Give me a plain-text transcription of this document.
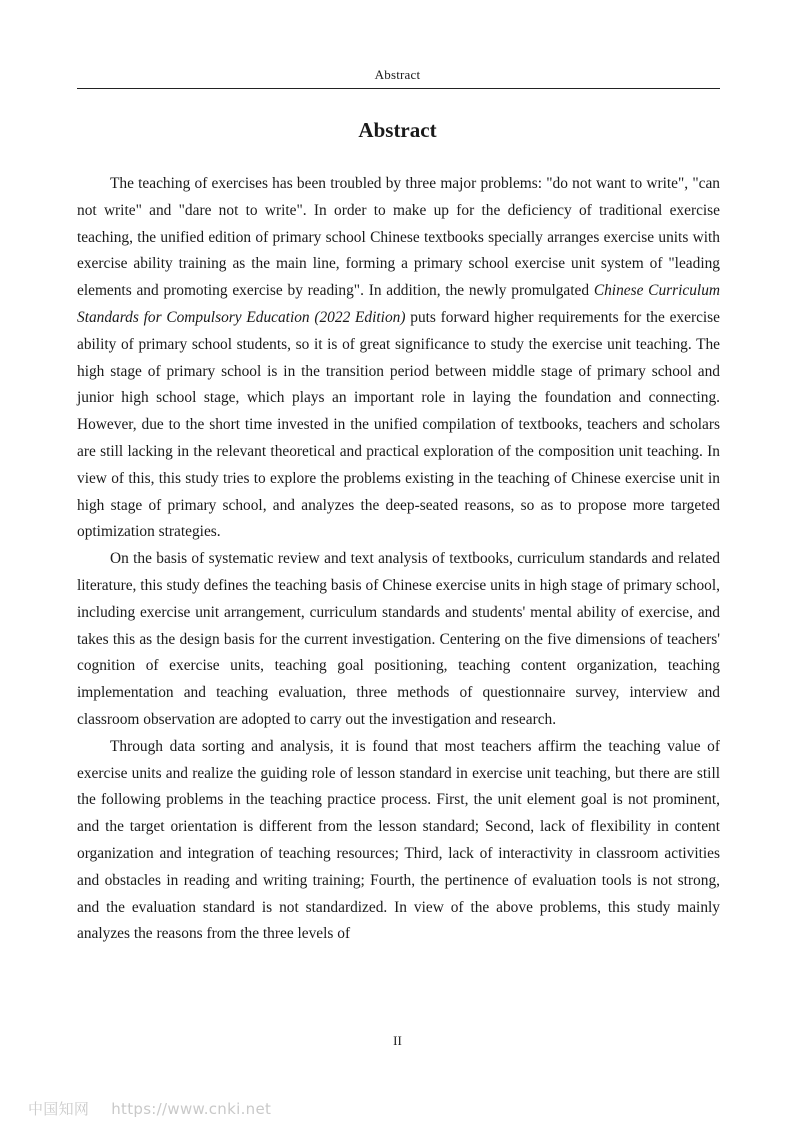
Abstract
Abstract

The teaching of exercises has been troubled by three major problems: "do not want to write", "can not write" and "dare not to write". In order to make up for the deficiency of traditional exercise teaching, the unified edition of primary school Chinese textbooks specially arranges exercise units with exercise ability training as the main line, forming a primary school exercise unit system of "leading elements and promoting exercise by reading". In addition, the newly promulgated Chinese Curriculum Standards for Compulsory Education (2022 Edition) puts forward higher requirements for the exercise ability of primary school students, so it is of great significance to study the exercise unit teaching. The high stage of primary school is in the transition period between middle stage of primary school and junior high school stage, which plays an important role in laying the foundation and connecting. However, due to the short time invested in the unified compilation of textbooks, teachers and scholars are still lacking in the relevant theoretical and practical exploration of the composition unit teaching. In view of this, this study tries to explore the problems existing in the teaching of Chinese exercise unit in high stage of primary school, and analyzes the deep-seated reasons, so as to propose more targeted optimization strategies.

On the basis of systematic review and text analysis of textbooks, curriculum standards and related literature, this study defines the teaching basis of Chinese exercise units in high stage of primary school, including exercise unit arrangement, curriculum standards and students' mental ability of exercise, and takes this as the design basis for the current investigation. Centering on the five dimensions of teachers' cognition of exercise units, teaching goal positioning, teaching content organization, teaching implementation and teaching evaluation, three methods of questionnaire survey, interview and classroom observation are adopted to carry out the investigation and research.

Through data sorting and analysis, it is found that most teachers affirm the teaching value of exercise units and realize the guiding role of lesson standard in exercise unit teaching, but there are still the following problems in the teaching practice process. First, the unit element goal is not prominent, and the target orientation is different from the lesson standard; Second, lack of flexibility in content organization and integration of teaching resources; Third, lack of interactivity in classroom activities and obstacles in reading and writing training; Fourth, the pertinence of evaluation tools is not strong, and the evaluation standard is not standardized. In view of the above problems, this study mainly analyzes the reasons from the three levels of

II
中国知网 https://www.cnki.net
